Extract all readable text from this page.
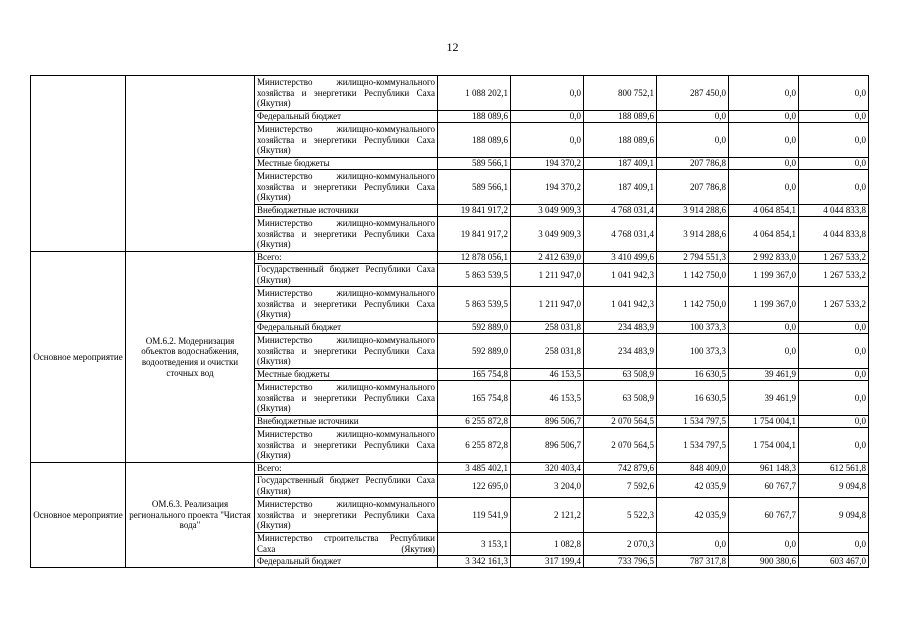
12
		Министерство жилищно-коммунального хозяйства и энергетики Республики Саха (Якутия)	1 088 202,1	0,0	800 752,1	287 450,0	0,0	0,0
		Федеральный бюджет	188 089,6	0,0	188 089,6	0,0	0,0	0,0
		Министерство жилищно-коммунального хозяйства и энергетики Республики Саха (Якутия)	188 089,6	0,0	188 089,6	0,0	0,0	0,0
		Местные бюджеты	589 566,1	194 370,2	187 409,1	207 786,8	0,0	0,0
		Министерство жилищно-коммунального хозяйства и энергетики Республики Саха (Якутия)	589 566,1	194 370,2	187 409,1	207 786,8	0,0	0,0
		Внебюджетные источники	19 841 917,2	3 049 909,3	4 768 031,4	3 914 288,6	4 064 854,1	4 044 833,8
		Министерство жилищно-коммунального хозяйства и энергетики Республики Саха (Якутия)	19 841 917,2	3 049 909,3	4 768 031,4	3 914 288,6	4 064 854,1	4 044 833,8
Основное мероприятие	ОМ.6.2. Модернизация объектов водоснабжения, водоотведения и очистки сточных вод	Всего:	12 878 056,1	2 412 639,0	3 410 499,6	2 794 551,3	2 992 833,0	1 267 533,2
		Государственный бюджет Республики Саха (Якутия)	5 863 539,5	1 211 947,0	1 041 942,3	1 142 750,0	1 199 367,0	1 267 533,2
		Министерство жилищно-коммунального хозяйства и энергетики Республики Саха (Якутия)	5 863 539,5	1 211 947,0	1 041 942,3	1 142 750,0	1 199 367,0	1 267 533,2
		Федеральный бюджет	592 889,0	258 031,8	234 483,9	100 373,3	0,0	0,0
		Министерство жилищно-коммунального хозяйства и энергетики Республики Саха (Якутия)	592 889,0	258 031,8	234 483,9	100 373,3	0,0	0,0
		Местные бюджеты	165 754,8	46 153,5	63 508,9	16 630,5	39 461,9	0,0
		Министерство жилищно-коммунального хозяйства и энергетики Республики Саха (Якутия)	165 754,8	46 153,5	63 508,9	16 630,5	39 461,9	0,0
		Внебюджетные источники	6 255 872,8	896 506,7	2 070 564,5	1 534 797,5	1 754 004,1	0,0
		Министерство жилищно-коммунального хозяйства и энергетики Республики Саха (Якутия)	6 255 872,8	896 506,7	2 070 564,5	1 534 797,5	1 754 004,1	0,0
Основное мероприятие	ОМ.6.3. Реализация регионального проекта "Чистая вода"	Всего:	3 485 402,1	320 403,4	742 879,6	848 409,0	961 148,3	612 561,8
		Государственный бюджет Республики Саха (Якутия)	122 695,0	3 204,0	7 592,6	42 035,9	60 767,7	9 094,8
		Министерство жилищно-коммунального хозяйства и энергетики Республики Саха (Якутия)	119 541,9	2 121,2	5 522,3	42 035,9	60 767,7	9 094,8
		Министерство строительства Республики Саха (Якутия)	3 153,1	1 082,8	2 070,3	0,0	0,0	0,0
		Федеральный бюджет	3 342 161,3	317 199,4	733 796,5	787 317,8	900 380,6	603 467,0
